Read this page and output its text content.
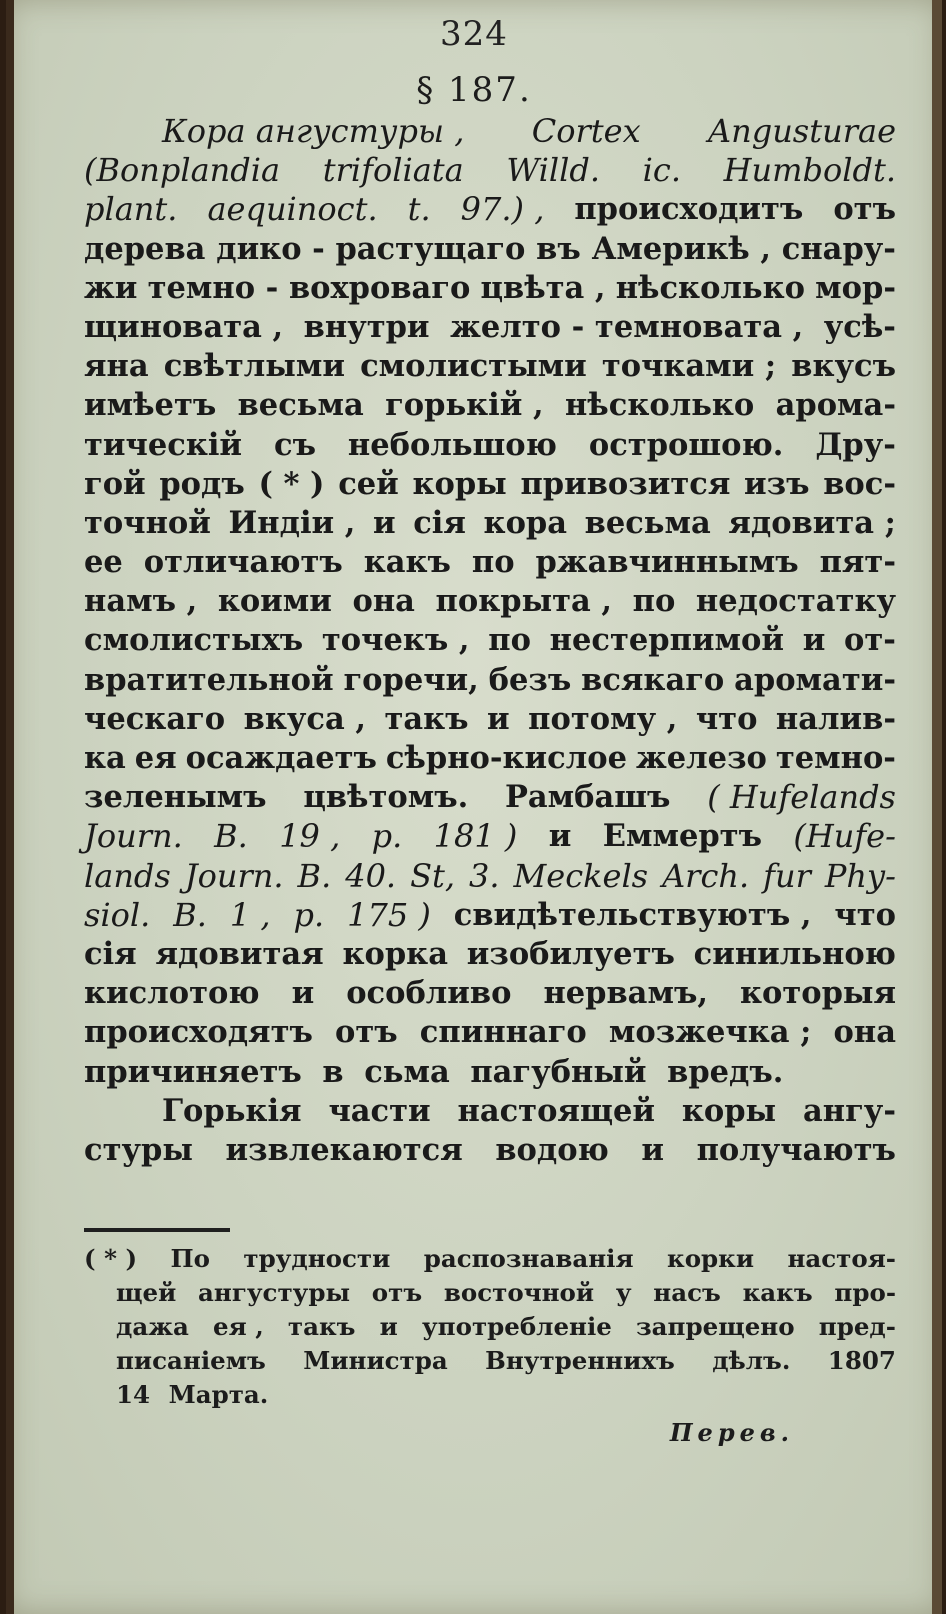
324
§ 187.
Кора ангустуры , Cortex Angusturae
(Bonplandia trifoliata Willd. ic. Humboldt.
plant. aequinoct. t. 97.) , происходитъ отъ
дерева дико - растущаго въ Америкѣ , снару-
жи темно - вохроваго цвѣта , нѣсколько мор-
щиновата , внутри желто - темновата , усѣ-
яна свѣтлыми смолистыми точками ; вкусъ
имѣетъ весьма горькій , нѣсколько арома-
тическій съ небольшою острошою. Дру-
гой родъ ( * ) сей коры привозится изъ вос-
точной Индіи , и сія кора весьма ядовита ;
ее отличаютъ какъ по ржавчиннымъ пят-
намъ , коими она покрыта , по недостатку
смолистыхъ точекъ , по нестерпимой и от-
вратительной горечи, безъ всякаго аромати-
ческаго вкуса , такъ и потому , что налив-
ка ея осаждаетъ сѣрно-кислое железо темно-
зеленымъ цвѣтомъ. Рамбашъ ( Hufelands
Journ. B. 19 , p. 181 ) и Еммертъ (Hufe-
lands Journ. B. 40. St, 3. Meckels Arch. fur Phy-
siol. B. 1 , p. 175 ) свидѣтельствуютъ , что
сія ядовитая корка изобилуетъ синильною
кислотою и особливо нервамъ, которыя
происходятъ отъ спиннаго мозжечка ; она
причиняетъ в сьма пагубный вредъ.
Горькія части настоящей коры ангу-
стуры извлекаются водою и получаютъ
( * ) По трудности распознаванія корки настоя-
щей ангустуры отъ восточной у насъ какъ про-
дажа ея , такъ и употребленіе запрещено пред-
писаніемъ Министра Внутреннихъ дѣлъ. 1807
14 Марта.
Перев.
